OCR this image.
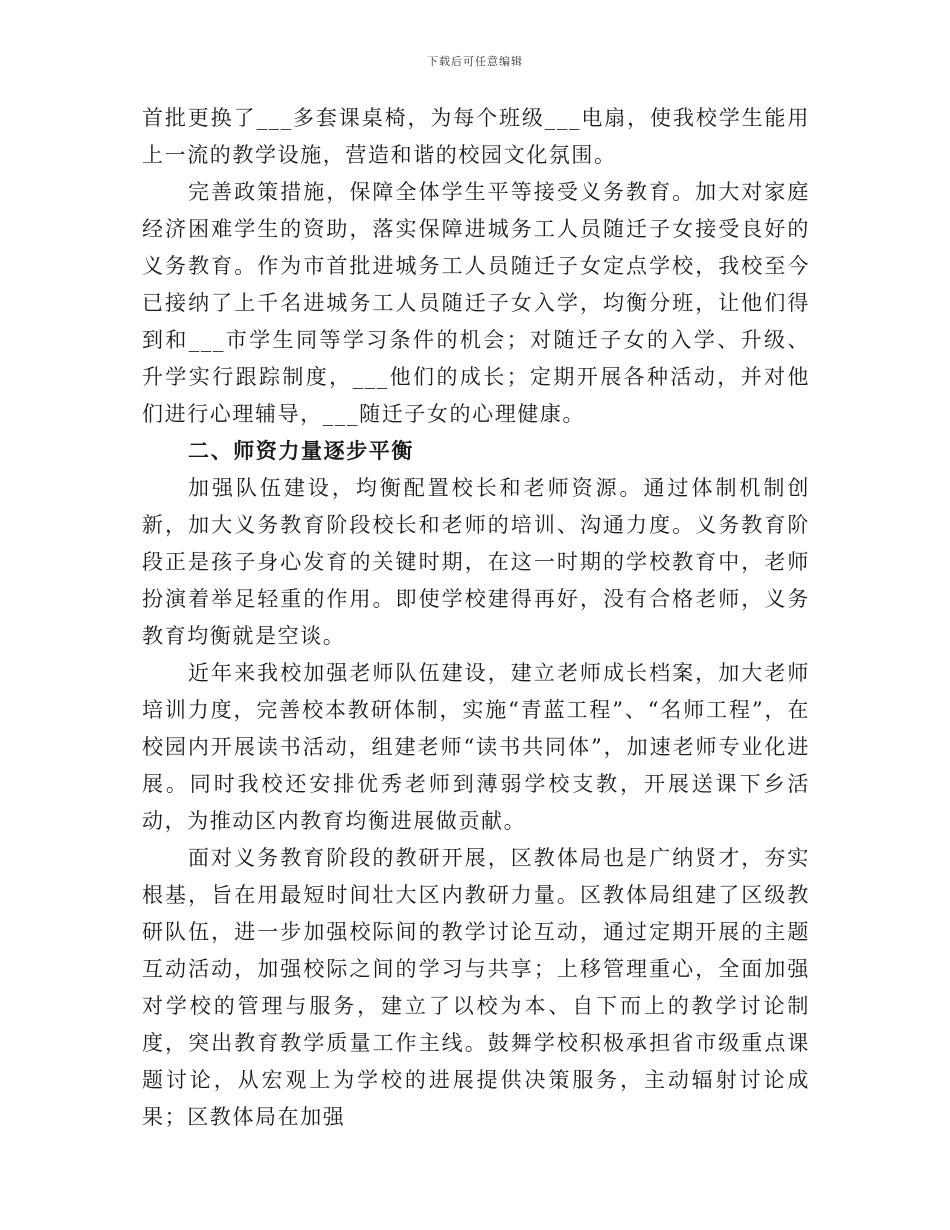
下载后可任意编辑

首批更换了___多套课桌椅，为每个班级___电扇，使我校学生能用上一流的教学设施，营造和谐的校园文化氛围。

完善政策措施，保障全体学生平等接受义务教育。加大对家庭经济困难学生的资助，落实保障进城务工人员随迁子女接受良好的义务教育。作为市首批进城务工人员随迁子女定点学校，我校至今已接纳了上千名进城务工人员随迁子女入学，均衡分班，让他们得到和___市学生同等学习条件的机会；对随迁子女的入学、升级、升学实行跟踪制度，___他们的成长；定期开展各种活动，并对他们进行心理辅导，___随迁子女的心理健康。

二、师资力量逐步平衡

加强队伍建设，均衡配置校长和老师资源。通过体制机制创新，加大义务教育阶段校长和老师的培训、沟通力度。义务教育阶段正是孩子身心发育的关键时期，在这一时期的学校教育中，老师扮演着举足轻重的作用。即使学校建得再好，没有合格老师，义务教育均衡就是空谈。

近年来我校加强老师队伍建设，建立老师成长档案，加大老师培训力度，完善校本教研体制，实施“青蓝工程”、“名师工程”，在校园内开展读书活动，组建老师“读书共同体”，加速老师专业化进展。同时我校还安排优秀老师到薄弱学校支教，开展送课下乡活动，为推动区内教育均衡进展做贡献。

面对义务教育阶段的教研开展，区教体局也是广纳贤才，夯实根基，旨在用最短时间壮大区内教研力量。区教体局组建了区级教研队伍，进一步加强校际间的教学讨论互动，通过定期开展的主题互动活动，加强校际之间的学习与共享；上移管理重心，全面加强对学校的管理与服务，建立了以校为本、自下而上的教学讨论制度，突出教育教学质量工作主线。鼓舞学校积极承担省市级重点课题讨论，从宏观上为学校的进展提供决策服务，主动辐射讨论成果；区教体局在加强
